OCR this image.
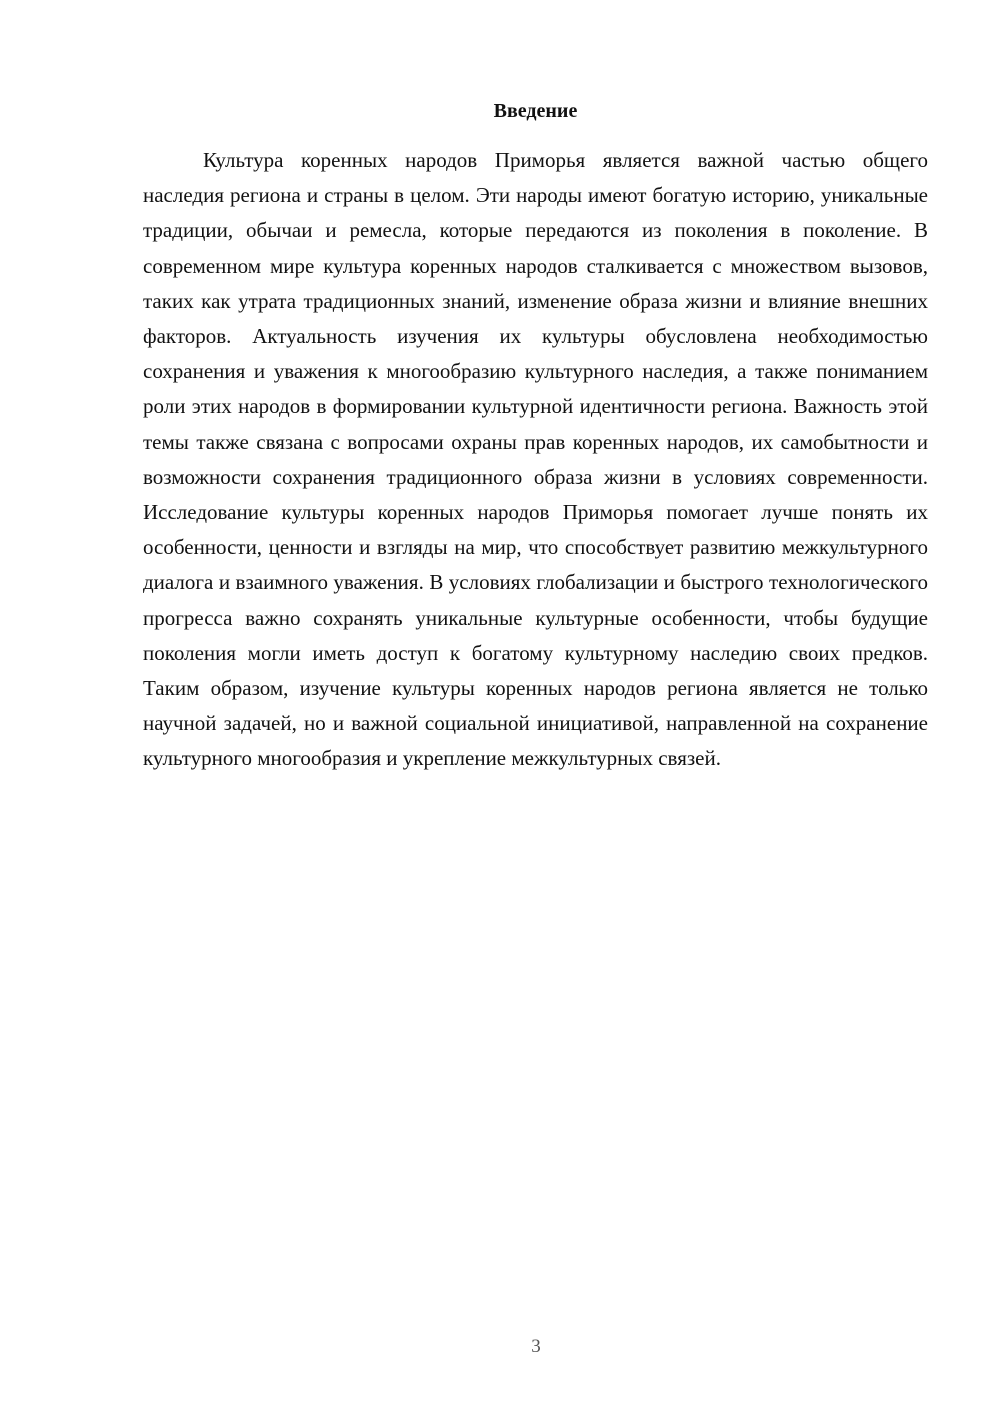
Введение

Культура коренных народов Приморья является важной частью общего наследия региона и страны в целом. Эти народы имеют богатую историю, уникальные традиции, обычаи и ремесла, которые передаются из поколения в поколение. В современном мире культура коренных народов сталкивается с множеством вызовов, таких как утрата традиционных знаний, изменение образа жизни и влияние внешних факторов. Актуальность изучения их культуры обусловлена необходимостью сохранения и уважения к многообразию культурного наследия, а также пониманием роли этих народов в формировании культурной идентичности региона. Важность этой темы также связана с вопросами охраны прав коренных народов, их самобытности и возможности сохранения традиционного образа жизни в условиях современности. Исследование культуры коренных народов Приморья помогает лучше понять их особенности, ценности и взгляды на мир, что способствует развитию межкультурного диалога и взаимного уважения. В условиях глобализации и быстрого технологического прогресса важно сохранять уникальные культурные особенности, чтобы будущие поколения могли иметь доступ к богатому культурному наследию своих предков. Таким образом, изучение культуры коренных народов региона является не только научной задачей, но и важной социальной инициативой, направленной на сохранение культурного многообразия и укрепление межкультурных связей.

3
